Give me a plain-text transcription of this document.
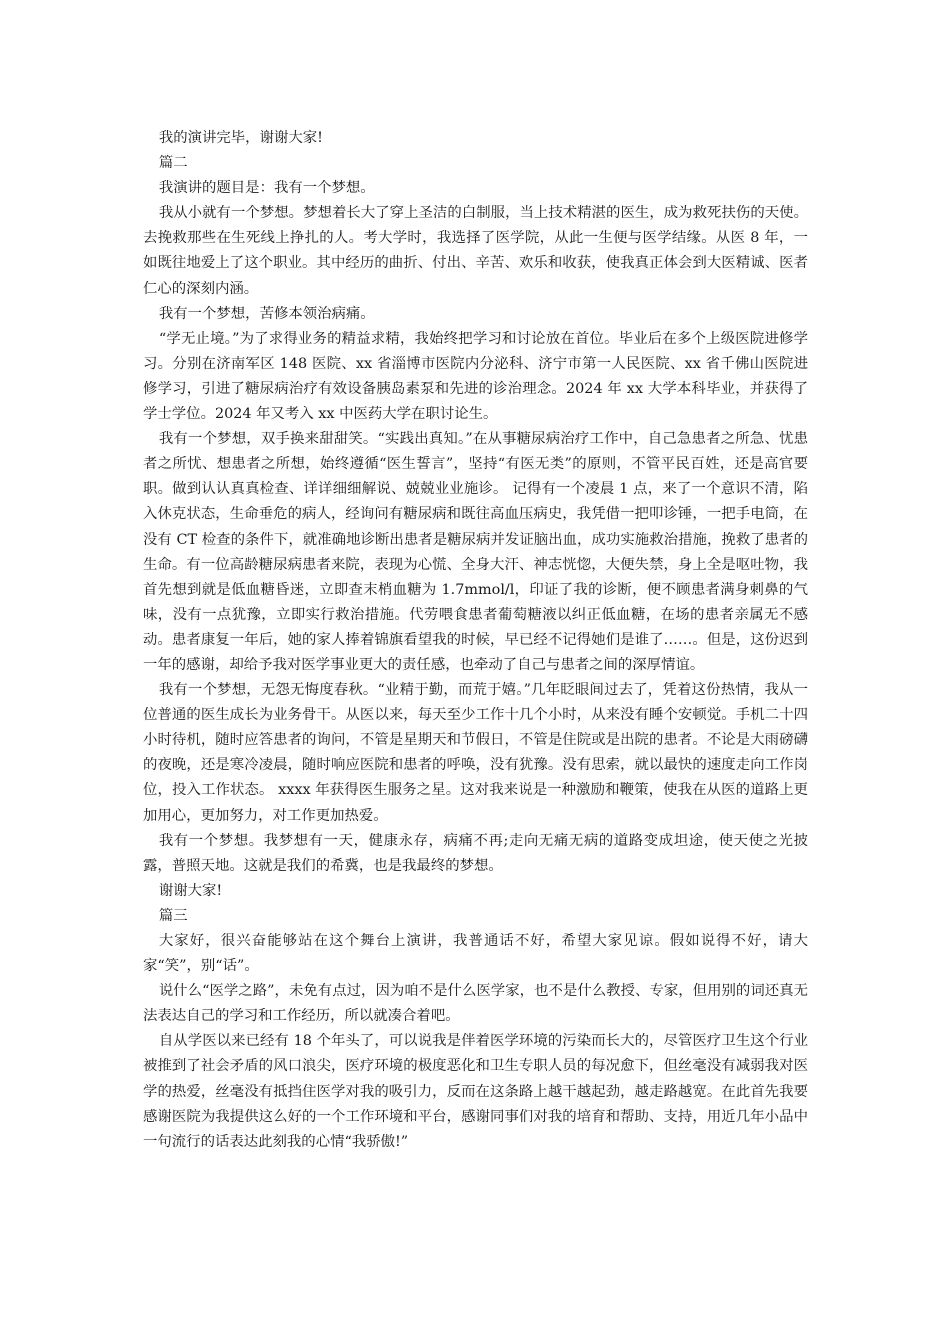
我的演讲完毕，谢谢大家!

篇二

我演讲的题目是：我有一个梦想。

我从小就有一个梦想。梦想着长大了穿上圣洁的白制服，当上技术精湛的医生，成为救死扶伤的天使。去挽救那些在生死线上挣扎的人。考大学时，我选择了医学院，从此一生便与医学结缘。从医 8 年，一如既往地爱上了这个职业。其中经历的曲折、付出、辛苦、欢乐和收获，使我真正体会到大医精诚、医者仁心的深刻内涵。

我有一个梦想，苦修本领治病痛。

“学无止境。”为了求得业务的精益求精，我始终把学习和讨论放在首位。毕业后在多个上级医院进修学习。分别在济南军区 148 医院、xx 省淄博市医院内分泌科、济宁市第一人民医院、xx 省千佛山医院进修学习，引进了糖尿病治疗有效设备胰岛素泵和先进的诊治理念。2024 年 xx 大学本科毕业，并获得了学士学位。2024 年又考入 xx 中医药大学在职讨论生。

我有一个梦想，双手换来甜甜笑。“实践出真知。”在从事糖尿病治疗工作中，自己急患者之所急、忧患者之所忧、想患者之所想，始终遵循“医生誓言”，坚持“有医无类”的原则，不管平民百姓，还是高官要职。做到认认真真检查、详详细细解说、兢兢业业施诊。 记得有一个凌晨 1 点，来了一个意识不清，陷入休克状态，生命垂危的病人，经询问有糖尿病和既往高血压病史，我凭借一把叩诊锤，一把手电筒，在没有 CT 检查的条件下，就准确地诊断出患者是糖尿病并发证脑出血，成功实施救治措施，挽救了患者的生命。有一位高龄糖尿病患者来院，表现为心慌、全身大汗、神志恍惚，大便失禁，身上全是呕吐物，我首先想到就是低血糖昏迷，立即查末梢血糖为 1.7mmol/l，印证了我的诊断，便不顾患者满身刺鼻的气味，没有一点犹豫，立即实行救治措施。代劳喂食患者葡萄糖液以纠正低血糖，在场的患者亲属无不感动。患者康复一年后，她的家人捧着锦旗看望我的时候，早已经不记得她们是谁了……。但是，这份迟到一年的感谢，却给予我对医学事业更大的责任感，也牵动了自己与患者之间的深厚情谊。

我有一个梦想，无怨无悔度春秋。“业精于勤，而荒于嬉。”几年眨眼间过去了，凭着这份热情，我从一位普通的医生成长为业务骨干。从医以来，每天至少工作十几个小时，从来没有睡个安顿觉。手机二十四小时待机，随时应答患者的询问，不管是星期天和节假日，不管是住院或是出院的患者。不论是大雨磅礴的夜晚，还是寒冷凌晨，随时响应医院和患者的呼唤，没有犹豫。没有思索，就以最快的速度走向工作岗位，投入工作状态。 xxxx 年获得医生服务之星。这对我来说是一种激励和鞭策，使我在从医的道路上更加用心，更加努力，对工作更加热爱。

我有一个梦想。我梦想有一天，健康永存，病痛不再;走向无痛无病的道路变成坦途，使天使之光披露，普照天地。这就是我们的希冀，也是我最终的梦想。

谢谢大家!

篇三

大家好，很兴奋能够站在这个舞台上演讲，我普通话不好，希望大家见谅。假如说得不好，请大家“笑”，别“话”。

说什么“医学之路”，未免有点过，因为咱不是什么医学家，也不是什么教授、专家，但用别的词还真无法表达自己的学习和工作经历，所以就凑合着吧。

自从学医以来已经有 18 个年头了，可以说我是伴着医学环境的污染而长大的，尽管医疗卫生这个行业被推到了社会矛盾的风口浪尖，医疗环境的极度恶化和卫生专职人员的每况愈下，但丝毫没有减弱我对医学的热爱，丝毫没有抵挡住医学对我的吸引力，反而在这条路上越干越起劲，越走路越宽。在此首先我要感谢医院为我提供这么好的一个工作环境和平台，感谢同事们对我的培育和帮助、支持，用近几年小品中一句流行的话表达此刻我的心情“我骄傲!”
